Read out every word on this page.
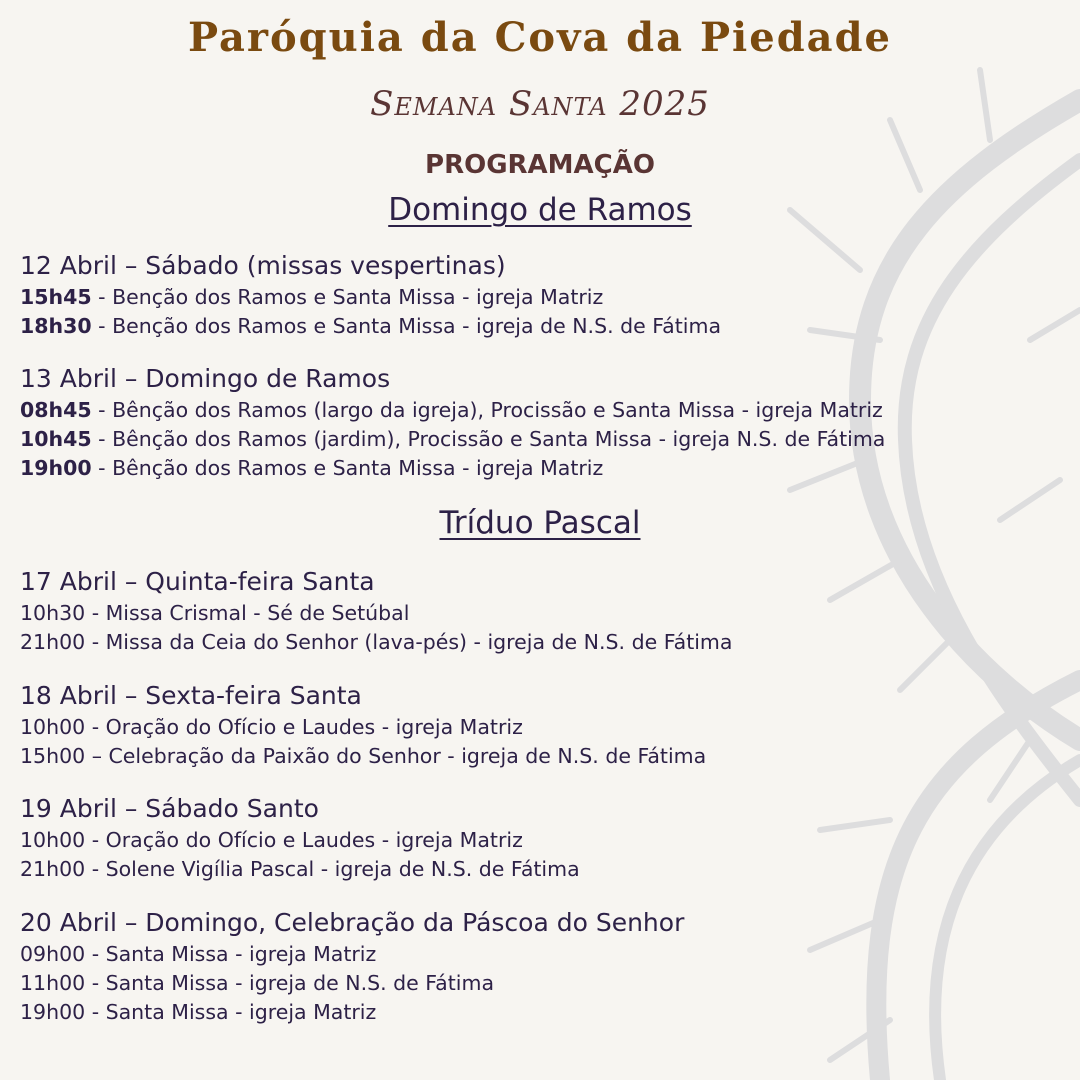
Paróquia da Cova da Piedade
Semana Santa 2025
PROGRAMAÇÃO
Domingo de Ramos
12 Abril – Sábado (missas vespertinas)
15h45 - Benção dos Ramos e Santa Missa - igreja Matriz
18h30 - Benção dos Ramos e Santa Missa - igreja de N.S. de Fátima
13 Abril – Domingo de Ramos
08h45 - Bênção dos Ramos (largo da igreja), Procissão e Santa Missa - igreja Matriz
10h45 - Bênção dos Ramos (jardim), Procissão e Santa Missa - igreja N.S. de Fátima
19h00 - Bênção dos Ramos e Santa Missa - igreja Matriz
Tríduo Pascal
17 Abril – Quinta-feira Santa
10h30 - Missa Crismal - Sé de Setúbal
21h00 - Missa da Ceia do Senhor (lava-pés) - igreja de N.S. de Fátima
18 Abril – Sexta-feira Santa
10h00 - Oração do Ofício e Laudes - igreja Matriz
15h00 – Celebração da Paixão do Senhor - igreja de N.S. de Fátima
19 Abril – Sábado Santo
10h00 - Oração do Ofício e Laudes - igreja Matriz
21h00 - Solene Vigília Pascal - igreja de N.S. de Fátima
20 Abril – Domingo, Celebração da Páscoa do Senhor
09h00 - Santa Missa - igreja Matriz
11h00 - Santa Missa - igreja de N.S. de Fátima
19h00 - Santa Missa - igreja Matriz
